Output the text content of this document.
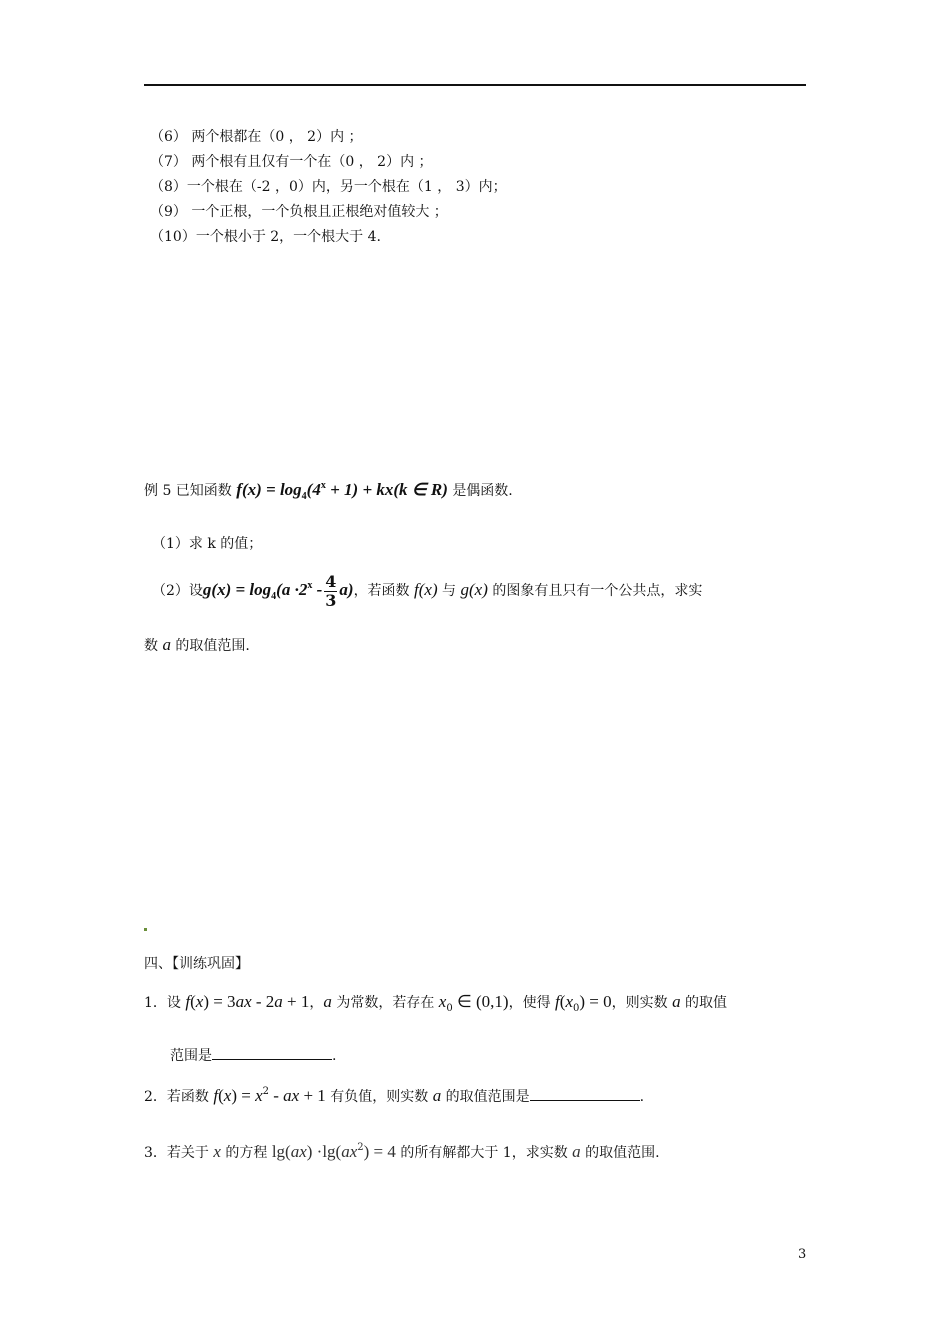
（6） 两个根都在（0 ， 2）内 ；
（7） 两个根有且仅有一个在（0 ， 2）内 ；
（8）一个根在（-2 ，0）内，另一个根在（1 ， 3）内；
（9） 一个正根，一个负根且正根绝对值较大 ；
（10）一个根小于 2，一个根大于 4.
例 5 已知函数 $f(x) = \log_4(4^x + 1) + kx(k$ ∈ R) 是偶函数.
（1）求 k 的值；
（2）设$g(x) = \log_4(a \cdot 2^x - \frac{4}{3} a)$，若函数 f(x) 与 g(x) 的图象有且只有一个公共点，求实
数 a 的取值范围.
四、【训练巩固】
1．设 f(x) = 3ax - 2a + 1，a 为常数，若存在 $x_0$ ∈ (0,1)，使得 $f(x_0) = 0$，则实数 a 的取值
范围是	.
2．若函数 $f(x) = x^2$ - ax + 1 有负值，则实数 a 的取值范围是	.
3．若关于 x 的方程 $\lg(ax) \cdot\lg(ax^2) = 4$ 的所有解都大于 1，求实数 a 的取值范围.
3
